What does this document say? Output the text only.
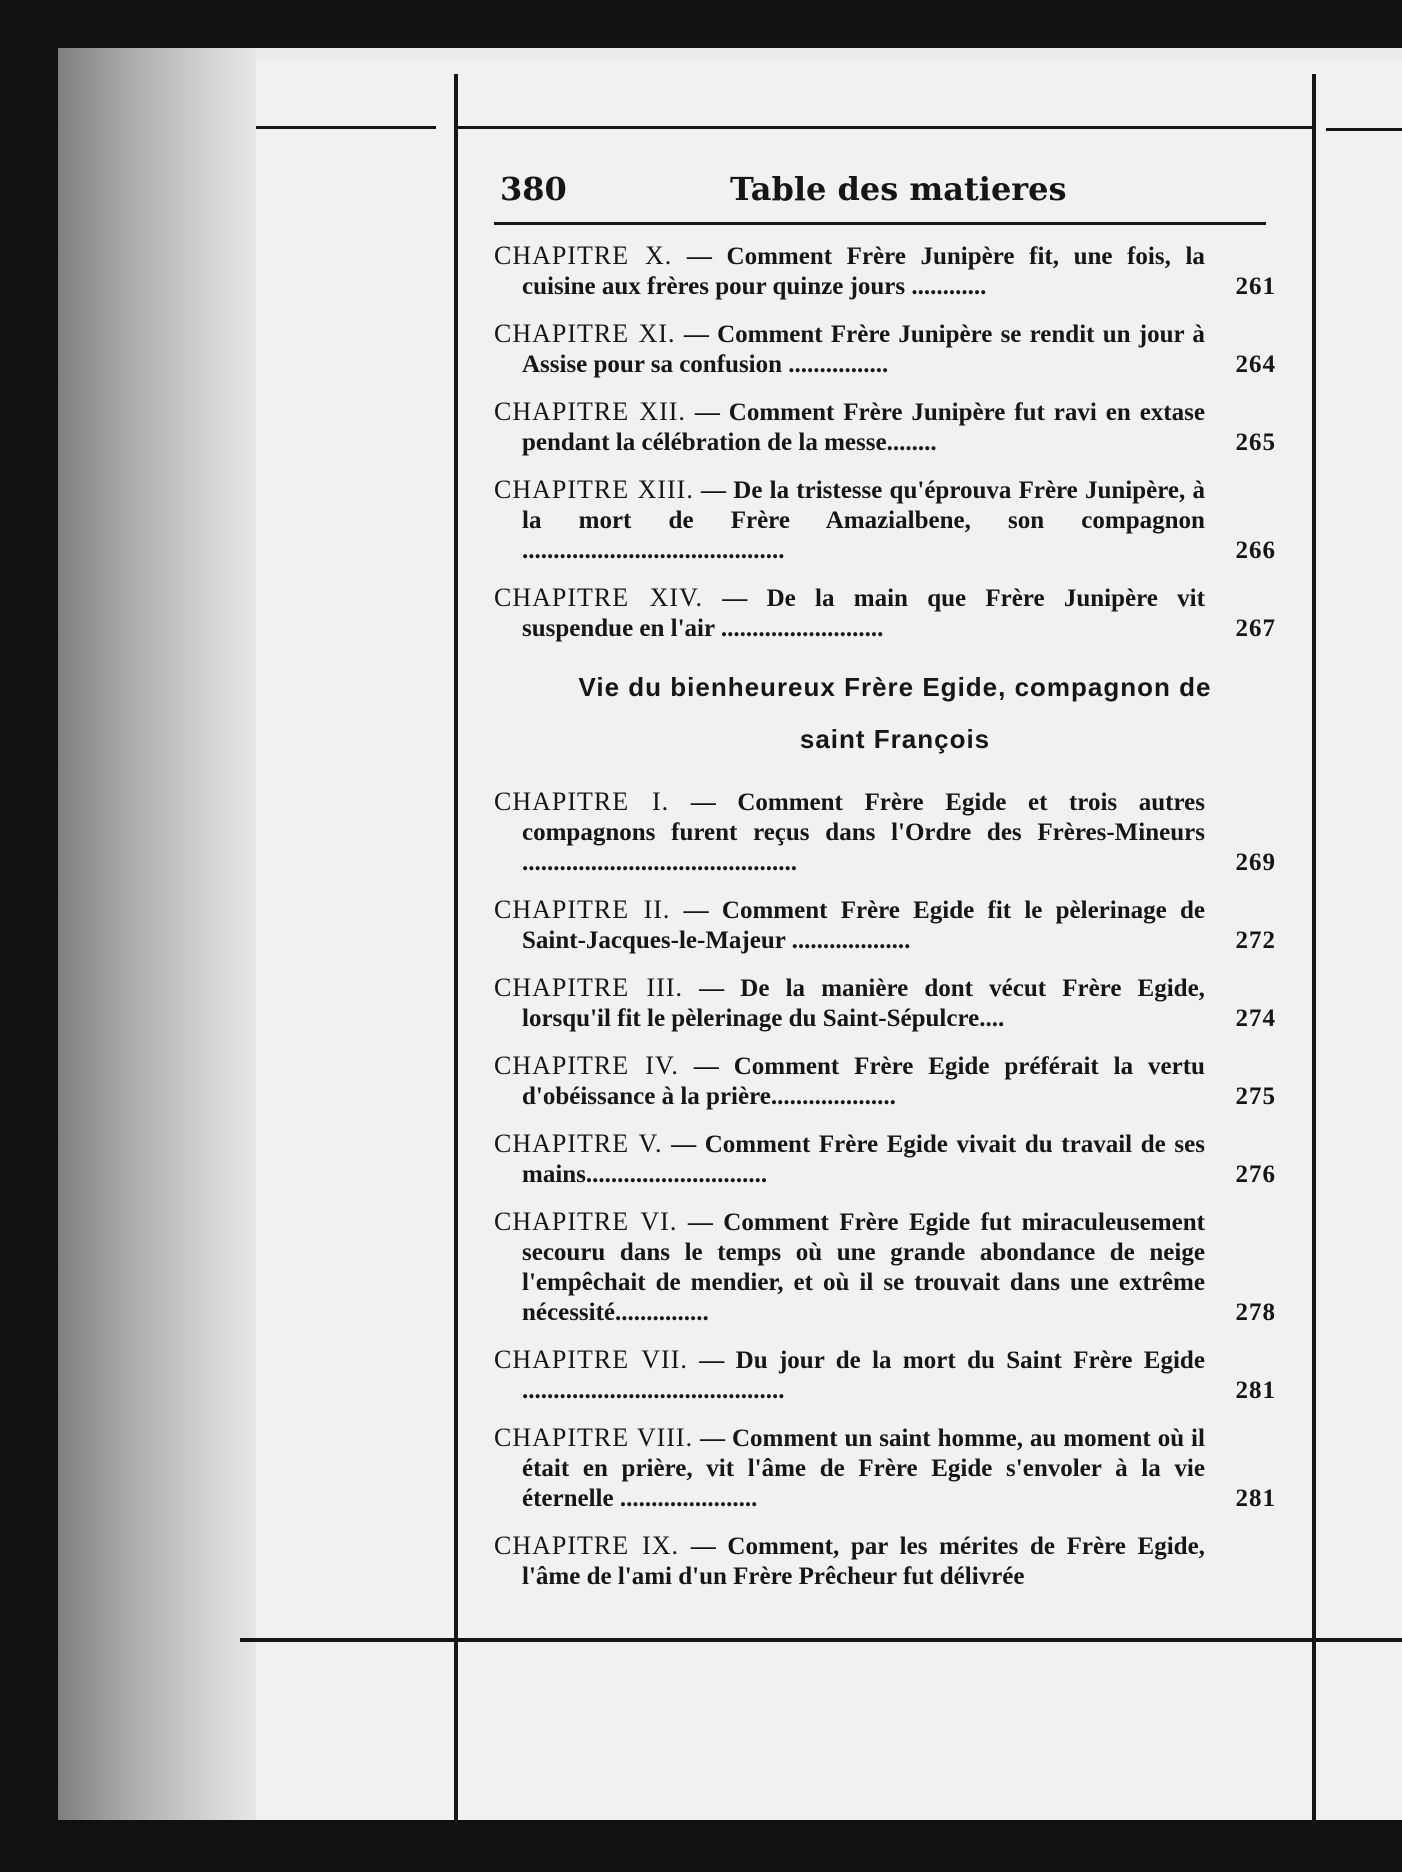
380	Table des matieres
CHAPITRE X. — Comment Frère Junipère fit, une fois, la cuisine aux frères pour quinze jours ............	261
CHAPITRE XI. — Comment Frère Junipère se rendit un jour à Assise pour sa confusion ................	264
CHAPITRE XII. — Comment Frère Junipère fut ravi en extase pendant la célébration de la messe........	265
CHAPITRE XIII. — De la tristesse qu'éprouva Frère Junipère, à la mort de Frère Amazialbene, son compagnon ..........................................	266
CHAPITRE XIV. — De la main que Frère Junipère vit suspendue en l'air ..........................	267
Vie du bienheureux Frère Egide, compagnon de
saint François
CHAPITRE I. — Comment Frère Egide et trois autres compagnons furent reçus dans l'Ordre des Frères-Mineurs ............................................	269
CHAPITRE II. — Comment Frère Egide fit le pèlerinage de Saint-Jacques-le-Majeur ...................	272
CHAPITRE III. — De la manière dont vécut Frère Egide, lorsqu'il fit le pèlerinage du Saint-Sépulcre....	274
CHAPITRE IV. — Comment Frère Egide préférait la vertu d'obéissance à la prière....................	275
CHAPITRE V. — Comment Frère Egide vivait du travail de ses mains.............................	276
CHAPITRE VI. — Comment Frère Egide fut miraculeusement secouru dans le temps où une grande abondance de neige l'empêchait de mendier, et où il se trouvait dans une extrême nécessité...............	278
CHAPITRE VII. — Du jour de la mort du Saint Frère Egide ..........................................	281
CHAPITRE VIII. — Comment un saint homme, au moment où il était en prière, vit l'âme de Frère Egide s'envoler à la vie éternelle ......................	281
CHAPITRE IX. — Comment, par les mérites de Frère Egide, l'âme de l'ami d'un Frère Prêcheur fut délivrée
